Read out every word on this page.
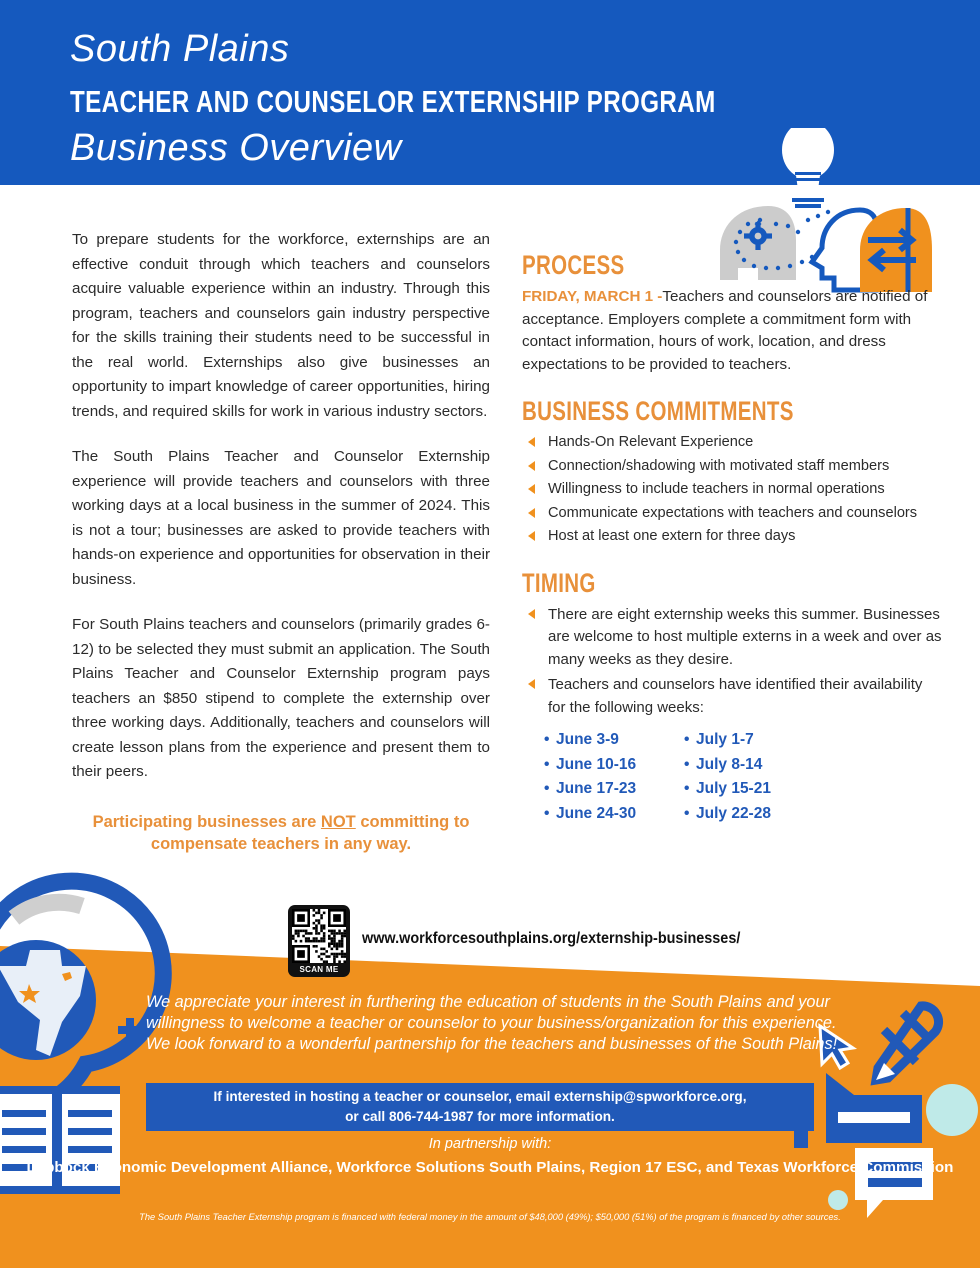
South Plains
TEACHER AND COUNSELOR EXTERNSHIP PROGRAM
Business Overview

To prepare students for the workforce, externships are an effective conduit through which teachers and counselors acquire valuable experience within an industry. Through this program, teachers and counselors gain industry perspective for the skills training their students need to be successful in the real world. Externships also give businesses an opportunity to impart knowledge of career opportunities, hiring trends, and required skills for work in various industry sectors.

The South Plains Teacher and Counselor Externship experience will provide teachers and counselors with three working days at a local business in the summer of 2024. This is not a tour; businesses are asked to provide teachers with hands-on experience and opportunities for observation in their business.

For South Plains teachers and counselors (primarily grades 6-12) to be selected they must submit an application. The South Plains Teacher and Counselor Externship program pays teachers an $850 stipend to complete the externship over three working days. Additionally, teachers and counselors will create lesson plans from the experience and present them to their peers.

Participating businesses are NOT committing to compensate teachers in any way.
PROCESS

FRIDAY, MARCH 1 -Teachers and counselors are notified of acceptance. Employers complete a commitment form with contact information, hours of work, location, and dress expectations to be provided to teachers.

BUSINESS COMMITMENTS
Hands-On Relevant Experience
Connection/shadowing with motivated staff members
Willingness to include teachers in normal operations
Communicate expectations with teachers and counselors
Host at least one extern for three days
TIMING
There are eight externship weeks this summer. Businesses are welcome to host multiple externs in a week and over as many weeks as they desire.
Teachers and counselors have identified their availability for the following weeks:
• June 3-9
• June 10-16
• June 17-23
• June 24-30
• July 1-7
• July 8-14
• July 15-21
• July 22-28
SCAN ME
www.workforcesouthplains.org/externship-businesses/
We appreciate your interest in furthering the education of students in the South Plains and your willingness to welcome a teacher or counselor to your business/organization for this experience. We look forward to a wonderful partnership for the teachers and businesses of the South Plains!
If interested in hosting a teacher or counselor, email externship@spworkforce.org,
or call 806-744-1987 for more information.
In partnership with:
Lubbock Economic Development Alliance, Workforce Solutions South Plains, Region 17 ESC, and Texas Workforce Commission
The South Plains Teacher Externship program is financed with federal money in the amount of $48,000 (49%); $50,000 (51%) of the program is financed by other sources.
